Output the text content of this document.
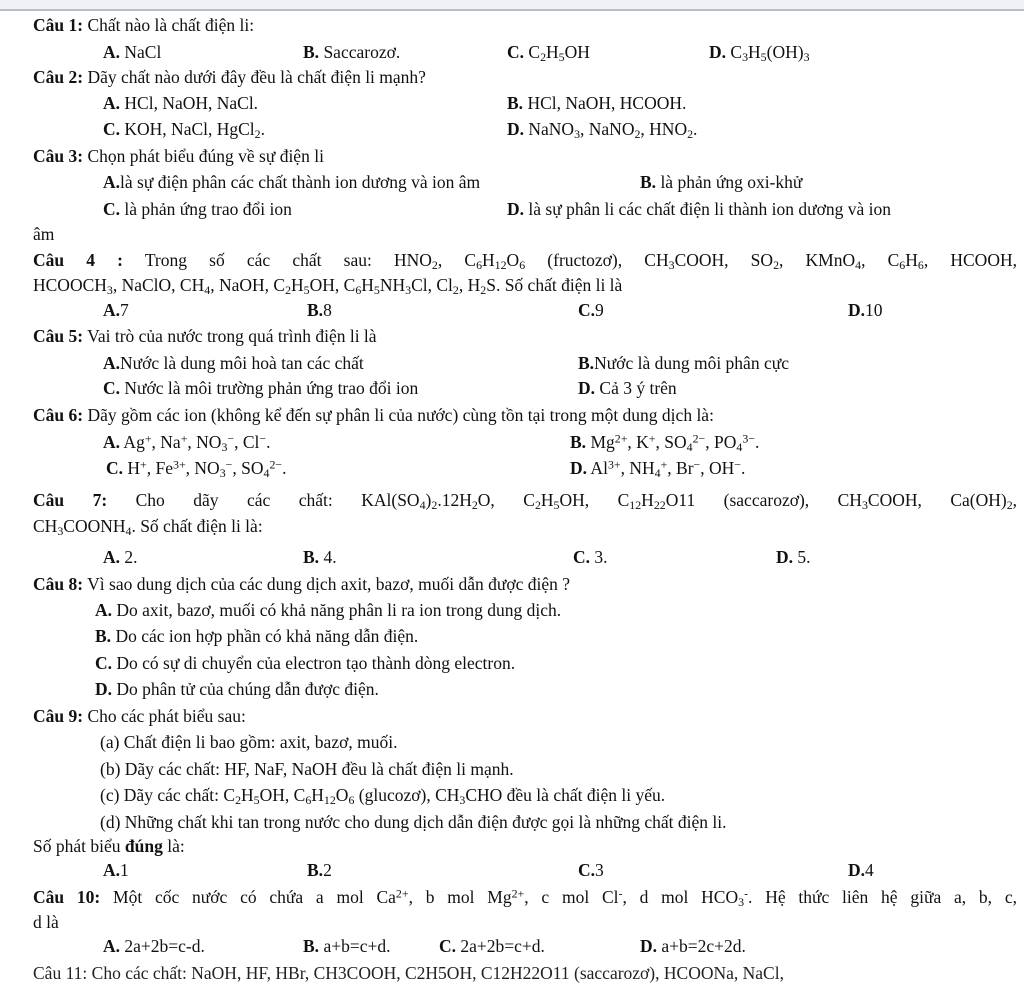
Câu 1: Chất nào là chất điện li:
A. NaCl	B. Saccarozơ.	C. $C_2H_5OH$	D. $C_3H_5(OH)_3$
Câu 2: Dãy chất nào dưới đây đều là chất điện li mạnh?
A. HCl, NaOH, NaCl.	B. HCl, NaOH, HCOOH.
C. KOH, NaCl, HgCl$_2$.	D. NaNO$_3$, NaNO$_2$, $HNO_2$.
Câu 3: Chọn phát biểu đúng về sự điện li
A.là sự điện phân các chất thành ion dương và ion âm	B. là phản ứng oxi-khử
C. là phản ứng trao đổi ion	D. là sự phân li các chất điện li thành ion dương và ion
âm
Câu 4 : Trong số các chất sau: $HNO_2$, $C_6H_{12}O_6$ (fructozơ), $CH_3COOH$, $SO_2$, KMnO$_4$, $C_6H_6$, HCOOH,
$HCOOCH_3$, NaClO, $CH_4$, NaOH, $C_2H_5OH$, $C_6H_5NH_3Cl$, $Cl_2$, $H_2S$. Số chất điện li là
A.7	B.8	C.9	D.10
Câu 5: Vai trò của nước trong quá trình điện li là
A.Nước là dung môi hoà tan các chất	B.Nước là dung môi phân cực
C. Nước là môi trường phản ứng trao đổi ion	D. Cả 3 ý trên
Câu 6: Dãy gồm các ion (không kể đến sự phân li của nước) cùng tồn tại trong một dung dịch là:
A. Ag+, Na+, $NO_3^-$, Cl−.	B. $Mg^{2+}$, K+, $SO_4^{2-}$, $PO_4^{3-}$.
C. H+, $Fe^{3+}$, $NO_3^-$, $SO_4^{2-}$.	D. $Al^{3+}$, $NH_4^+$, Br−, OH−.
Câu 7: Cho dãy các chất: $KAl(SO_4)_2.12H_2O$, $C_2H_5OH$, $C_{12}H_{22}O11$ (saccarozơ), $CH_3COOH$, $Ca(OH)_2$,
$CH_3COONH_4$. Số chất điện li là:
A. 2.	B. 4.	C. 3.	D. 5.
Câu 8: Vì sao dung dịch của các dung dịch axit, bazơ, muối dẫn được điện ?
A. Do axit, bazơ, muối có khả năng phân li ra ion trong dung dịch.
B. Do các ion hợp phần có khả năng dẫn điện.
C. Do có sự di chuyển của electron tạo thành dòng electron.
D. Do phân tử của chúng dẫn được điện.
Câu 9: Cho các phát biểu sau:
(a) Chất điện li bao gồm: axit, bazơ, muối.
(b) Dãy các chất: HF, NaF, NaOH đều là chất điện li mạnh.
(c) Dãy các chất: $C_2H_5OH$, $C_6H_{12}O_6$ (glucozơ), $CH_3CHO$ đều là chất điện li yếu.
(d) Những chất khi tan trong nước cho dung dịch dẫn điện được gọi là những chất điện li.
Số phát biểu đúng là:
A.1	B.2	C.3	D.4
Câu 10: Một cốc nước có chứa a mol $Ca^{2+}$, b mol $Mg^{2+}$, c mol Cl-, d mol $HCO_3^-$. Hệ thức liên hệ giữa a, b, c,
d là
A. 2a+2b=c-d.	B. a+b=c+d.	C. 2a+2b=c+d.	D. a+b=2c+2d.
Câu 11: Cho các chất: NaOH, HF, HBr, CH3COOH, C2H5OH, C12H22O11 (saccarozơ), HCOONa, NaCl,
